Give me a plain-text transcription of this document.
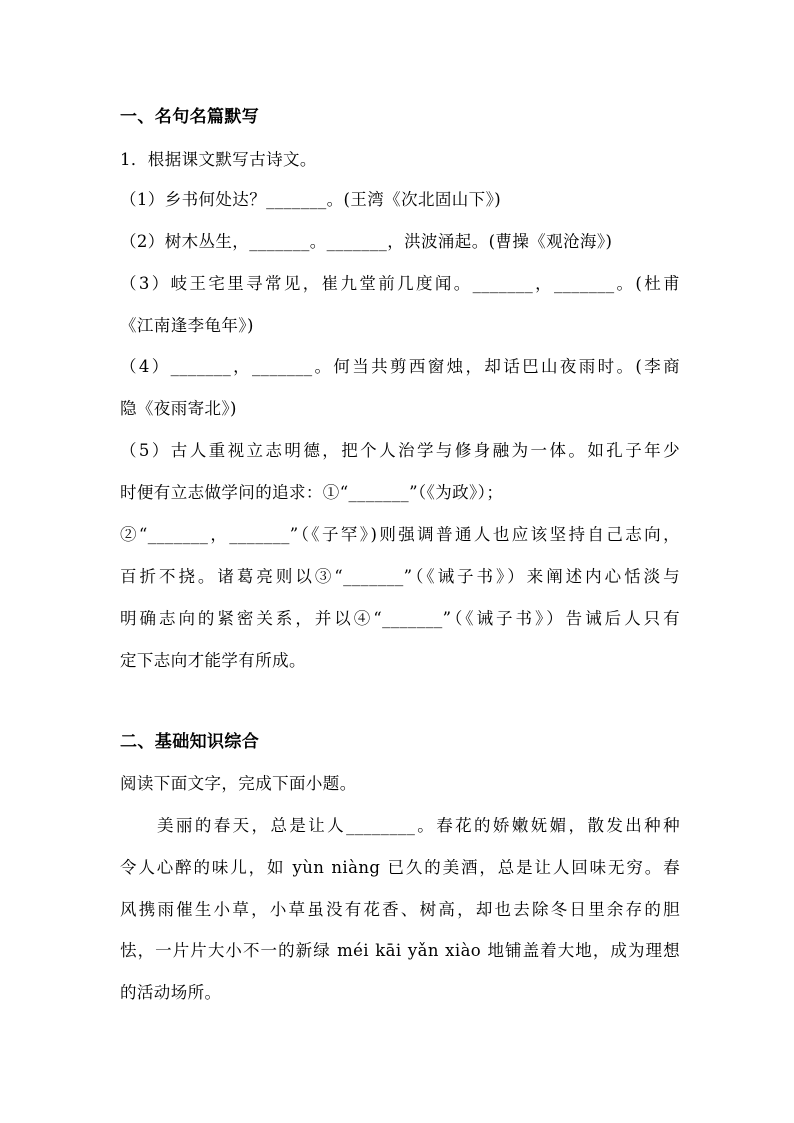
一、名句名篇默写
1．根据课文默写古诗文。
（1）乡书何处达？_______。(王湾《次北固山下》)
（2）树木丛生，_______。_______，洪波涌起。(曹操《观沧海》)
（3）岐王宅里寻常见，崔九堂前几度闻。_______，_______。(杜甫
《江南逢李龟年》)
（4）_______，_______。何当共剪西窗烛，却话巴山夜雨时。(李商
隐《夜雨寄北》)
（5）古人重视立志明德，把个人治学与修身融为一体。如孔子年少
时便有立志做学问的追求：①“_______”（《为政》）；
②“_______，_______”（《子罕》)则强调普通人也应该坚持自己志向，
百折不挠。诸葛亮则以③“_______”（《诫子书》）来阐述内心恬淡与
明确志向的紧密关系，并以④“_______”（《诫子书》）告诫后人只有
定下志向才能学有所成。
二、基础知识综合
阅读下面文字，完成下面小题。
美丽的春天，总是让人________。春花的娇嫩妩媚，散发出种种
令人心醉的味儿，如 yùn niàng 已久的美酒，总是让人回味无穷。春
风携雨催生小草，小草虽没有花香、树高，却也去除冬日里余存的胆
怯，一片片大小不一的新绿 méi kāi yǎn xiào 地铺盖着大地，成为理想
的活动场所。
